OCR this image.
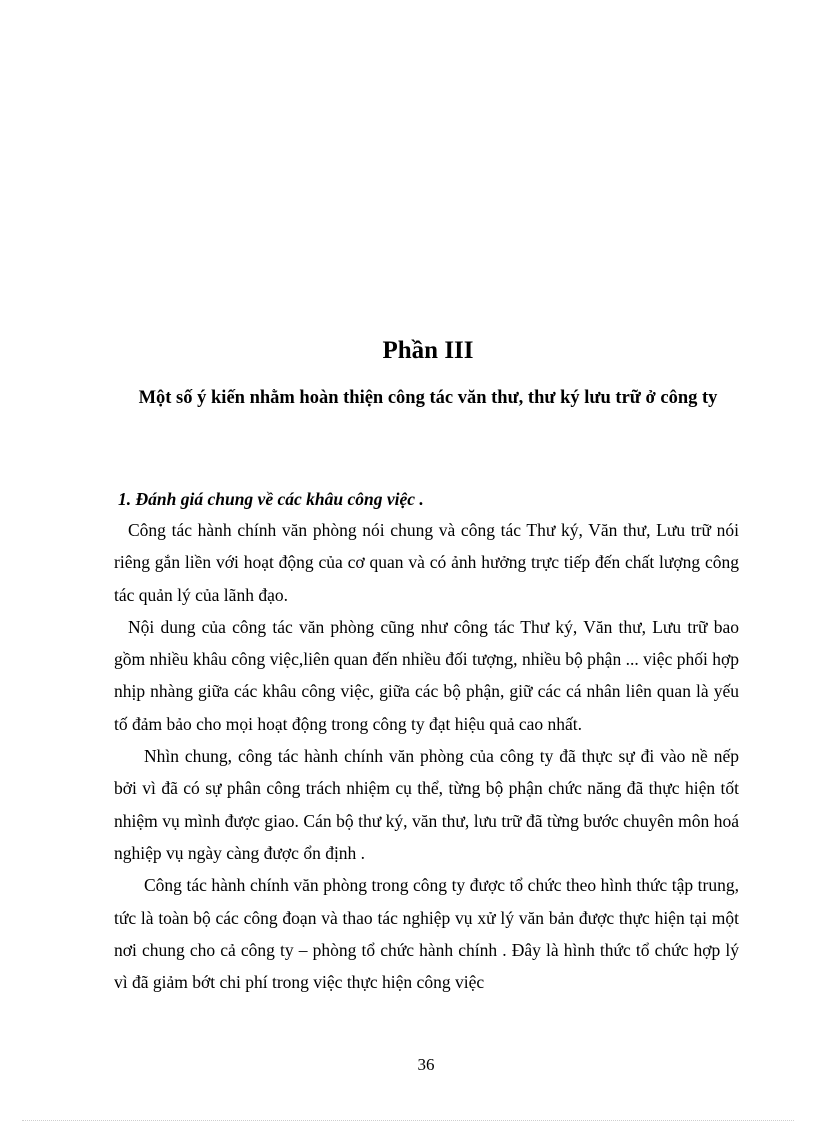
Phần III
Một số ý kiến nhằm hoàn thiện công tác văn thư, thư ký lưu trữ ở công ty
1. Đánh giá chung về các khâu công việc .

Công tác hành chính văn phòng nói chung và công tác Thư ký, Văn thư, Lưu trữ nói riêng gắn liền với hoạt động của cơ quan và có ảnh hưởng trực tiếp đến chất lượng công tác quản lý của lãnh đạo.

Nội dung của công tác văn phòng cũng như công tác Thư ký, Văn thư, Lưu trữ bao gồm nhiều khâu công việc,liên quan đến nhiều đối tượng, nhiều bộ phận ... việc phối hợp nhịp nhàng giữa các khâu công việc, giữa các bộ phận, giữ các cá nhân liên quan là yếu tố đảm bảo cho mọi hoạt động trong công ty đạt hiệu quả cao nhất.

Nhìn chung, công tác hành chính văn phòng của công ty đã thực sự đi vào nề nếp bởi vì đã có sự phân công trách nhiệm cụ thể, từng bộ phận chức năng đã thực hiện tốt nhiệm vụ mình được giao. Cán bộ thư ký, văn thư, lưu trữ đã từng bước chuyên môn hoá nghiệp vụ ngày càng được ổn định .

Công tác hành chính văn phòng trong công ty được tổ chức theo hình thức tập trung, tức là toàn bộ các công đoạn và thao tác nghiệp vụ xử lý văn bản được thực hiện tại một nơi chung cho cả công ty – phòng tổ chức hành chính . Đây là hình thức tổ chức hợp lý vì đã giảm bớt chi phí trong việc thực hiện công việc

36
